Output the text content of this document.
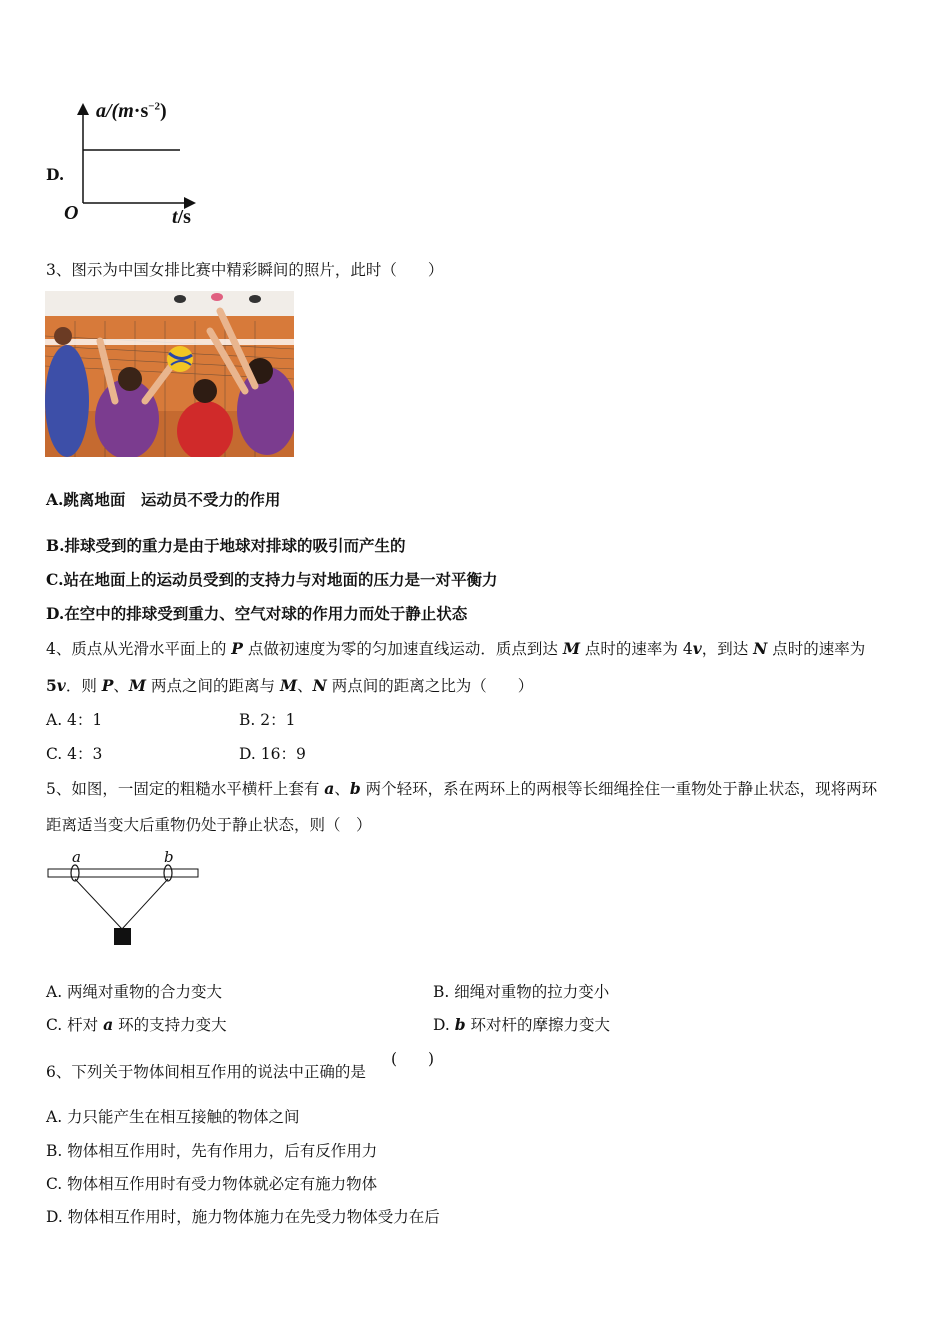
D.
$a/(m\cdot s^{-2})$
O	t/s
3、图示为中国女排比赛中精彩瞬间的照片，此时（　　）
A.跳离地面　运动员不受力的作用
B.排球受到的重力是由于地球对排球的吸引而产生的
C.站在地面上的运动员受到的支持力与对地面的压力是一对平衡力
D.在空中的排球受到重力、空气对球的作用力而处于静止状态
4、质点从光滑水平面上的 P 点做初速度为零的匀加速直线运动．质点到达 M 点时的速率为 4v，到达 N 点时的速率为
5v．则 P、M 两点之间的距离与 M、N 两点间的距离之比为（　　）
A. 4：1	B. 2：1
C. 4：3	D. 16：9
5、如图，一固定的粗糙水平横杆上套有 a、b 两个轻环，系在两环上的两根等长细绳拴住一重物处于静止状态，现将两环
距离适当变大后重物仍处于静止状态，则（　）
a	b
A. 两绳对重物的合力变大	B. 细绳对重物的拉力变小
C. 杆对 a 环的支持力变大	D. b 环对杆的摩擦力变大
6、下列关于物体间相互作用的说法中正确的是
(　　)
A. 力只能产生在相互接触的物体之间
B. 物体相互作用时，先有作用力，后有反作用力
C. 物体相互作用时有受力物体就必定有施力物体
D. 物体相互作用时，施力物体施力在先受力物体受力在后
